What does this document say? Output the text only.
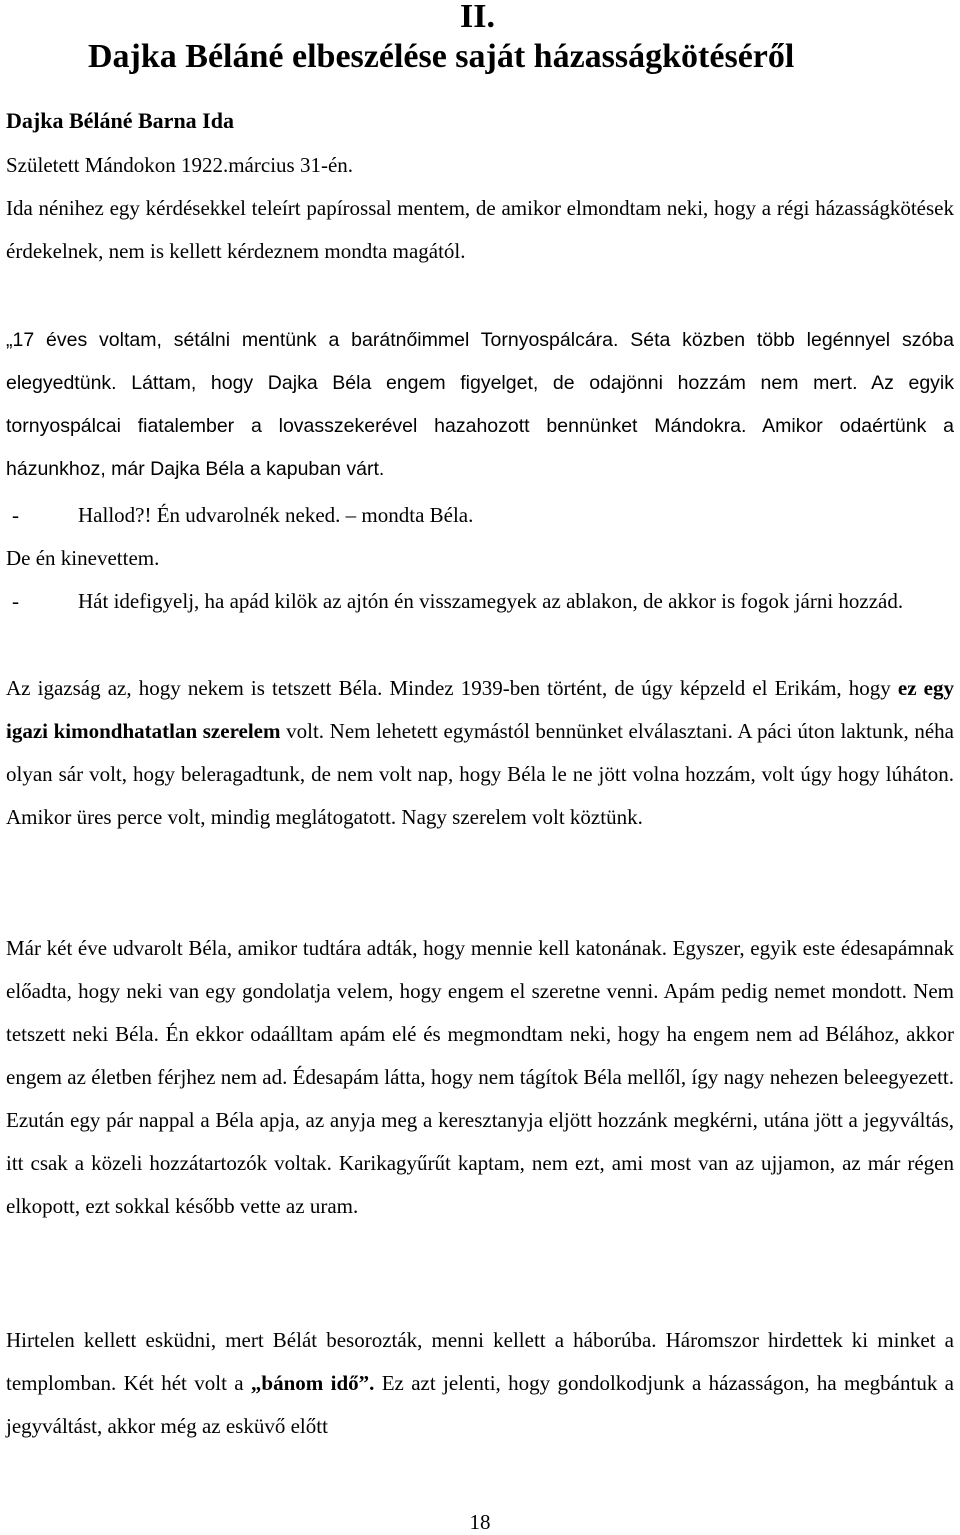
II.
Dajka Béláné elbeszélése saját házasságkötéséről
Dajka Béláné Barna Ida
Született Mándokon 1922.március 31-én.

Ida nénihez egy kérdésekkel teleírt papírossal mentem, de amikor elmondtam neki, hogy a régi házasságkötések érdekelnek, nem is kellett kérdeznem mondta magától.

„17 éves voltam, sétálni mentünk a barátnőimmel Tornyospálcára. Séta közben több legénnyel szóba elegyedtünk. Láttam, hogy Dajka Béla engem figyelget, de odajönni hozzám nem mert. Az egyik tornyospálcai fiatalember a lovasszekerével hazahozott bennünket Mándokra. Amikor odaértünk a házunkhoz, már Dajka Béla a kapuban várt.

-	Hallod?! Én udvarolnék neked. – mondta Béla.

De én kinevettem.

-	Hát idefigyelj, ha apád kilök az ajtón én visszamegyek az ablakon, de akkor is fogok járni hozzád.

Az igazság az, hogy nekem is tetszett Béla. Mindez 1939-ben történt, de úgy képzeld el Erikám, hogy ez egy igazi kimondhatatlan szerelem volt. Nem lehetett egymástól bennünket elválasztani. A páci úton laktunk, néha olyan sár volt, hogy beleragadtunk, de nem volt nap, hogy Béla le ne jött volna hozzám, volt úgy hogy lúháton. Amikor üres perce volt, mindig meglátogatott. Nagy szerelem volt köztünk.

Már két éve udvarolt Béla, amikor tudtára adták, hogy mennie kell katonának. Egyszer, egyik este édesapámnak előadta, hogy neki van egy gondolatja velem, hogy engem el szeretne venni. Apám pedig nemet mondott. Nem tetszett neki Béla. Én ekkor odaálltam apám elé és megmondtam neki, hogy ha engem nem ad Bélához, akkor engem az életben férjhez nem ad. Édesapám látta, hogy nem tágítok Béla mellől, így nagy nehezen beleegyezett. Ezután egy pár nappal a Béla apja, az anyja meg a keresztanyja eljött hozzánk megkérni, utána jött a jegyváltás, itt csak a közeli hozzátartozók voltak. Karikagyűrűt kaptam, nem ezt, ami most van az ujjamon, az már régen elkopott, ezt sokkal később vette az uram.

Hirtelen kellett esküdni, mert Bélát besorozták, menni kellett a háborúba. Háromszor hirdettek ki minket a templomban. Két hét volt a „bánom idő”. Ez azt jelenti, hogy gondolkodjunk a házasságon, ha megbántuk a jegyváltást, akkor még az esküvő előtt

18
